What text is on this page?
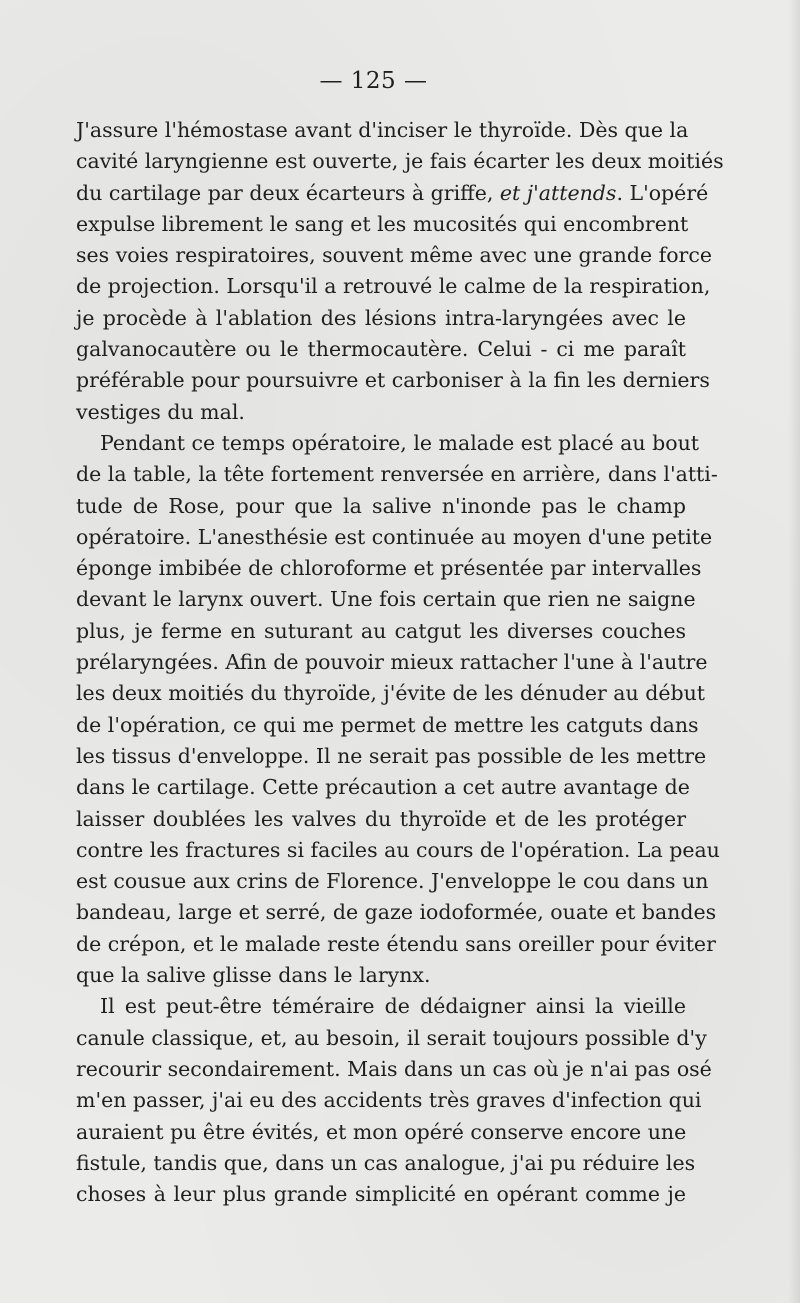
— 125 —
J'assure l'hémostase avant d'inciser le thyroïde. Dès que la
cavité laryngienne est ouverte, je fais écarter les deux moitiés
du cartilage par deux écarteurs à griffe, et j'attends. L'opéré
expulse librement le sang et les mucosités qui encombrent
ses voies respiratoires, souvent même avec une grande force
de projection. Lorsqu'il a retrouvé le calme de la respiration,
je procède à l'ablation des lésions intra-laryngées avec le
galvanocautère ou le thermocautère. Celui - ci me paraît
préférable pour poursuivre et carboniser à la fin les derniers
vestiges du mal.
Pendant ce temps opératoire, le malade est placé au bout
de la table, la tête fortement renversée en arrière, dans l'atti-
tude de Rose, pour que la salive n'inonde pas le champ
opératoire. L'anesthésie est continuée au moyen d'une petite
éponge imbibée de chloroforme et présentée par intervalles
devant le larynx ouvert. Une fois certain que rien ne saigne
plus, je ferme en suturant au catgut les diverses couches
prélaryngées. Afin de pouvoir mieux rattacher l'une à l'autre
les deux moitiés du thyroïde, j'évite de les dénuder au début
de l'opération, ce qui me permet de mettre les catguts dans
les tissus d'enveloppe. Il ne serait pas possible de les mettre
dans le cartilage. Cette précaution a cet autre avantage de
laisser doublées les valves du thyroïde et de les protéger
contre les fractures si faciles au cours de l'opération. La peau
est cousue aux crins de Florence. J'enveloppe le cou dans un
bandeau, large et serré, de gaze iodoformée, ouate et bandes
de crépon, et le malade reste étendu sans oreiller pour éviter
que la salive glisse dans le larynx.
Il est peut-être téméraire de dédaigner ainsi la vieille
canule classique, et, au besoin, il serait toujours possible d'y
recourir secondairement. Mais dans un cas où je n'ai pas osé
m'en passer, j'ai eu des accidents très graves d'infection qui
auraient pu être évités, et mon opéré conserve encore une
fistule, tandis que, dans un cas analogue, j'ai pu réduire les
choses à leur plus grande simplicité en opérant comme je
